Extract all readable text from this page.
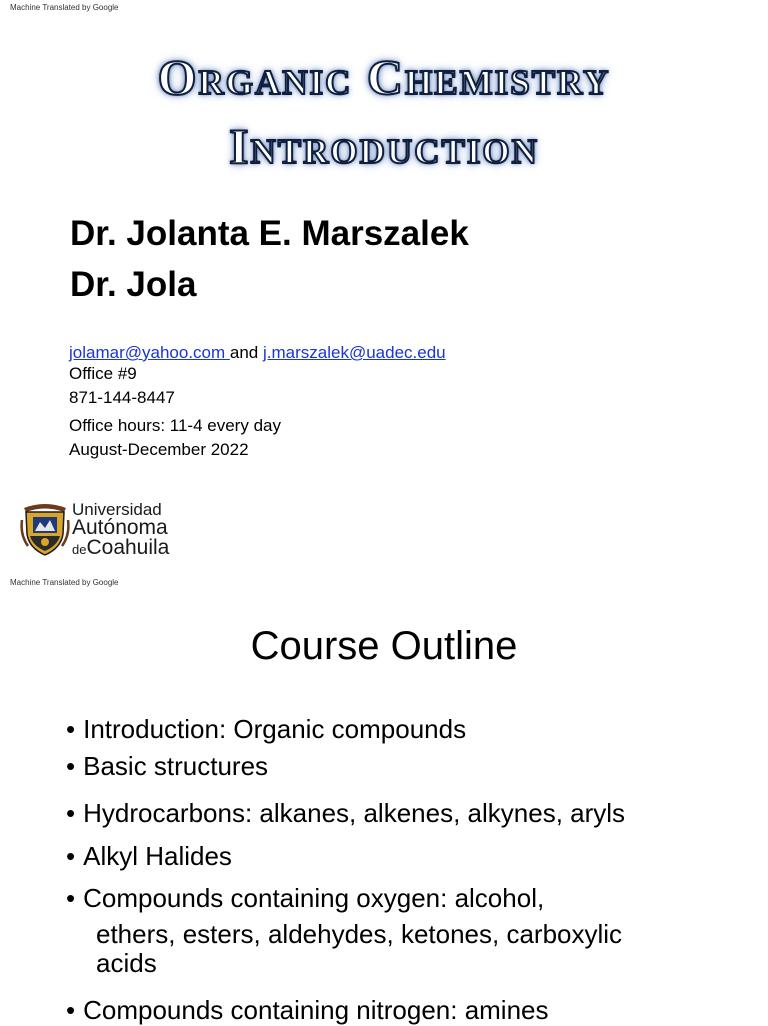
Machine Translated by Google
Organic Chemistry
Introduction
Dr. Jolanta E. Marszalek
Dr. Jola
jolamar@yahoo.com and j.marszalek@uadec.edu
Office #9
871-144-8447
Office hours: 11-4 every day
August-December 2022
Universidad
Autónoma
deCoahuila
Machine Translated by Google
Course Outline
• Introduction: Organic compounds
• Basic structures
• Hydrocarbons: alkanes, alkenes, alkynes, aryls
• Alkyl Halides
• Compounds containing oxygen: alcohol,
ethers, esters, aldehydes, ketones, carboxylic
acids
• Compounds containing nitrogen: amines
